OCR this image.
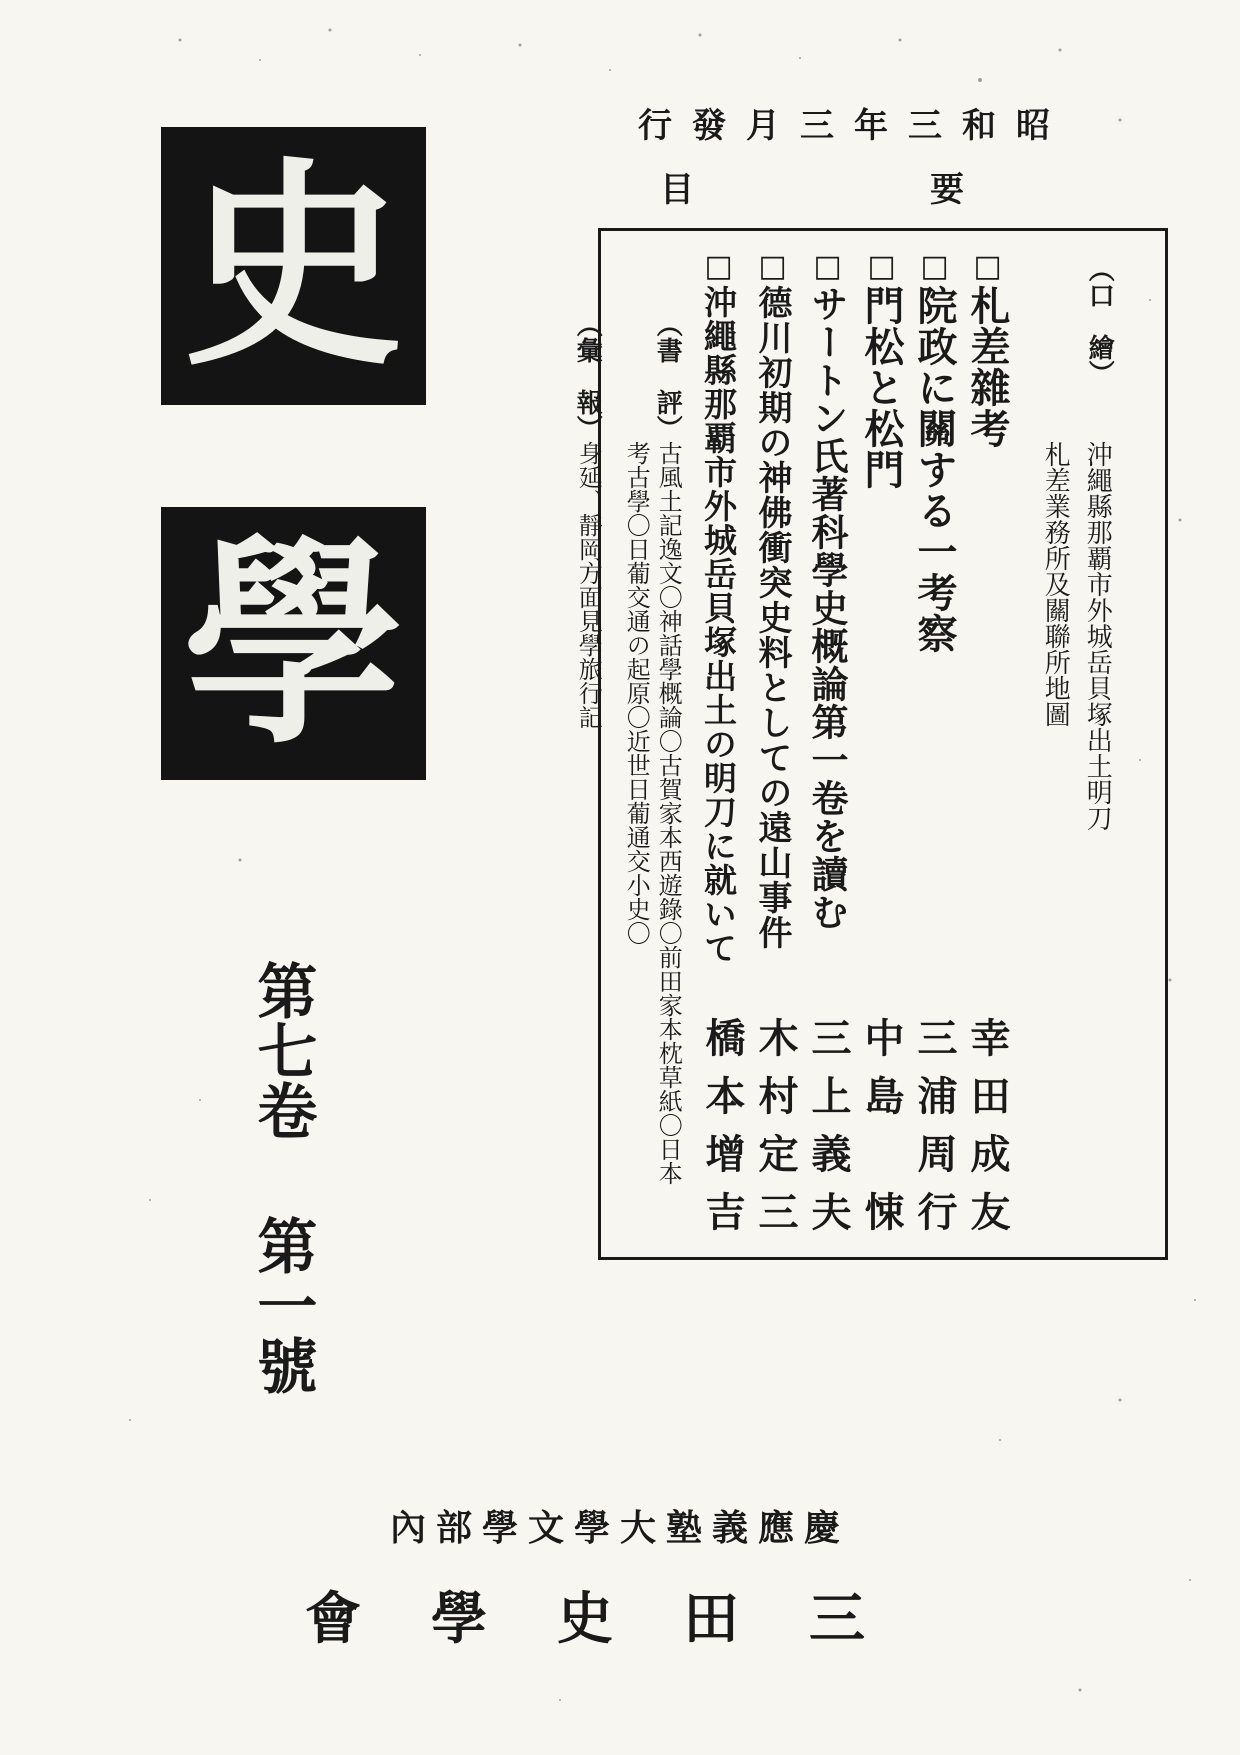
史
學
第七卷
第一號
昭和三年三月發行
要
目
（口　繪）
沖繩縣那覇市外城岳貝塚出土明刀
札差業務所及關聯所地圖
□札差雜考
幸田成友
□院政に關する一考察
三浦周行
□門松と松門
中島　悚
□サートン氏著科學史概論第一卷を讀む
三上義夫
□德川初期の神佛衝突史料としての遠山事件
木村定三
□沖繩縣那覇市外城岳貝塚出土の明刀に就いて
橋本增吉
（書　評）
古風土記逸文〇神話學概論〇古賀家本西遊錄〇前田家本枕草紙〇日本
考古學〇日葡交通の起原〇近世日葡通交小史〇
（彙　報）
身延、靜岡方面見學旅行記
慶應義塾大學文學部內
三田史學會
